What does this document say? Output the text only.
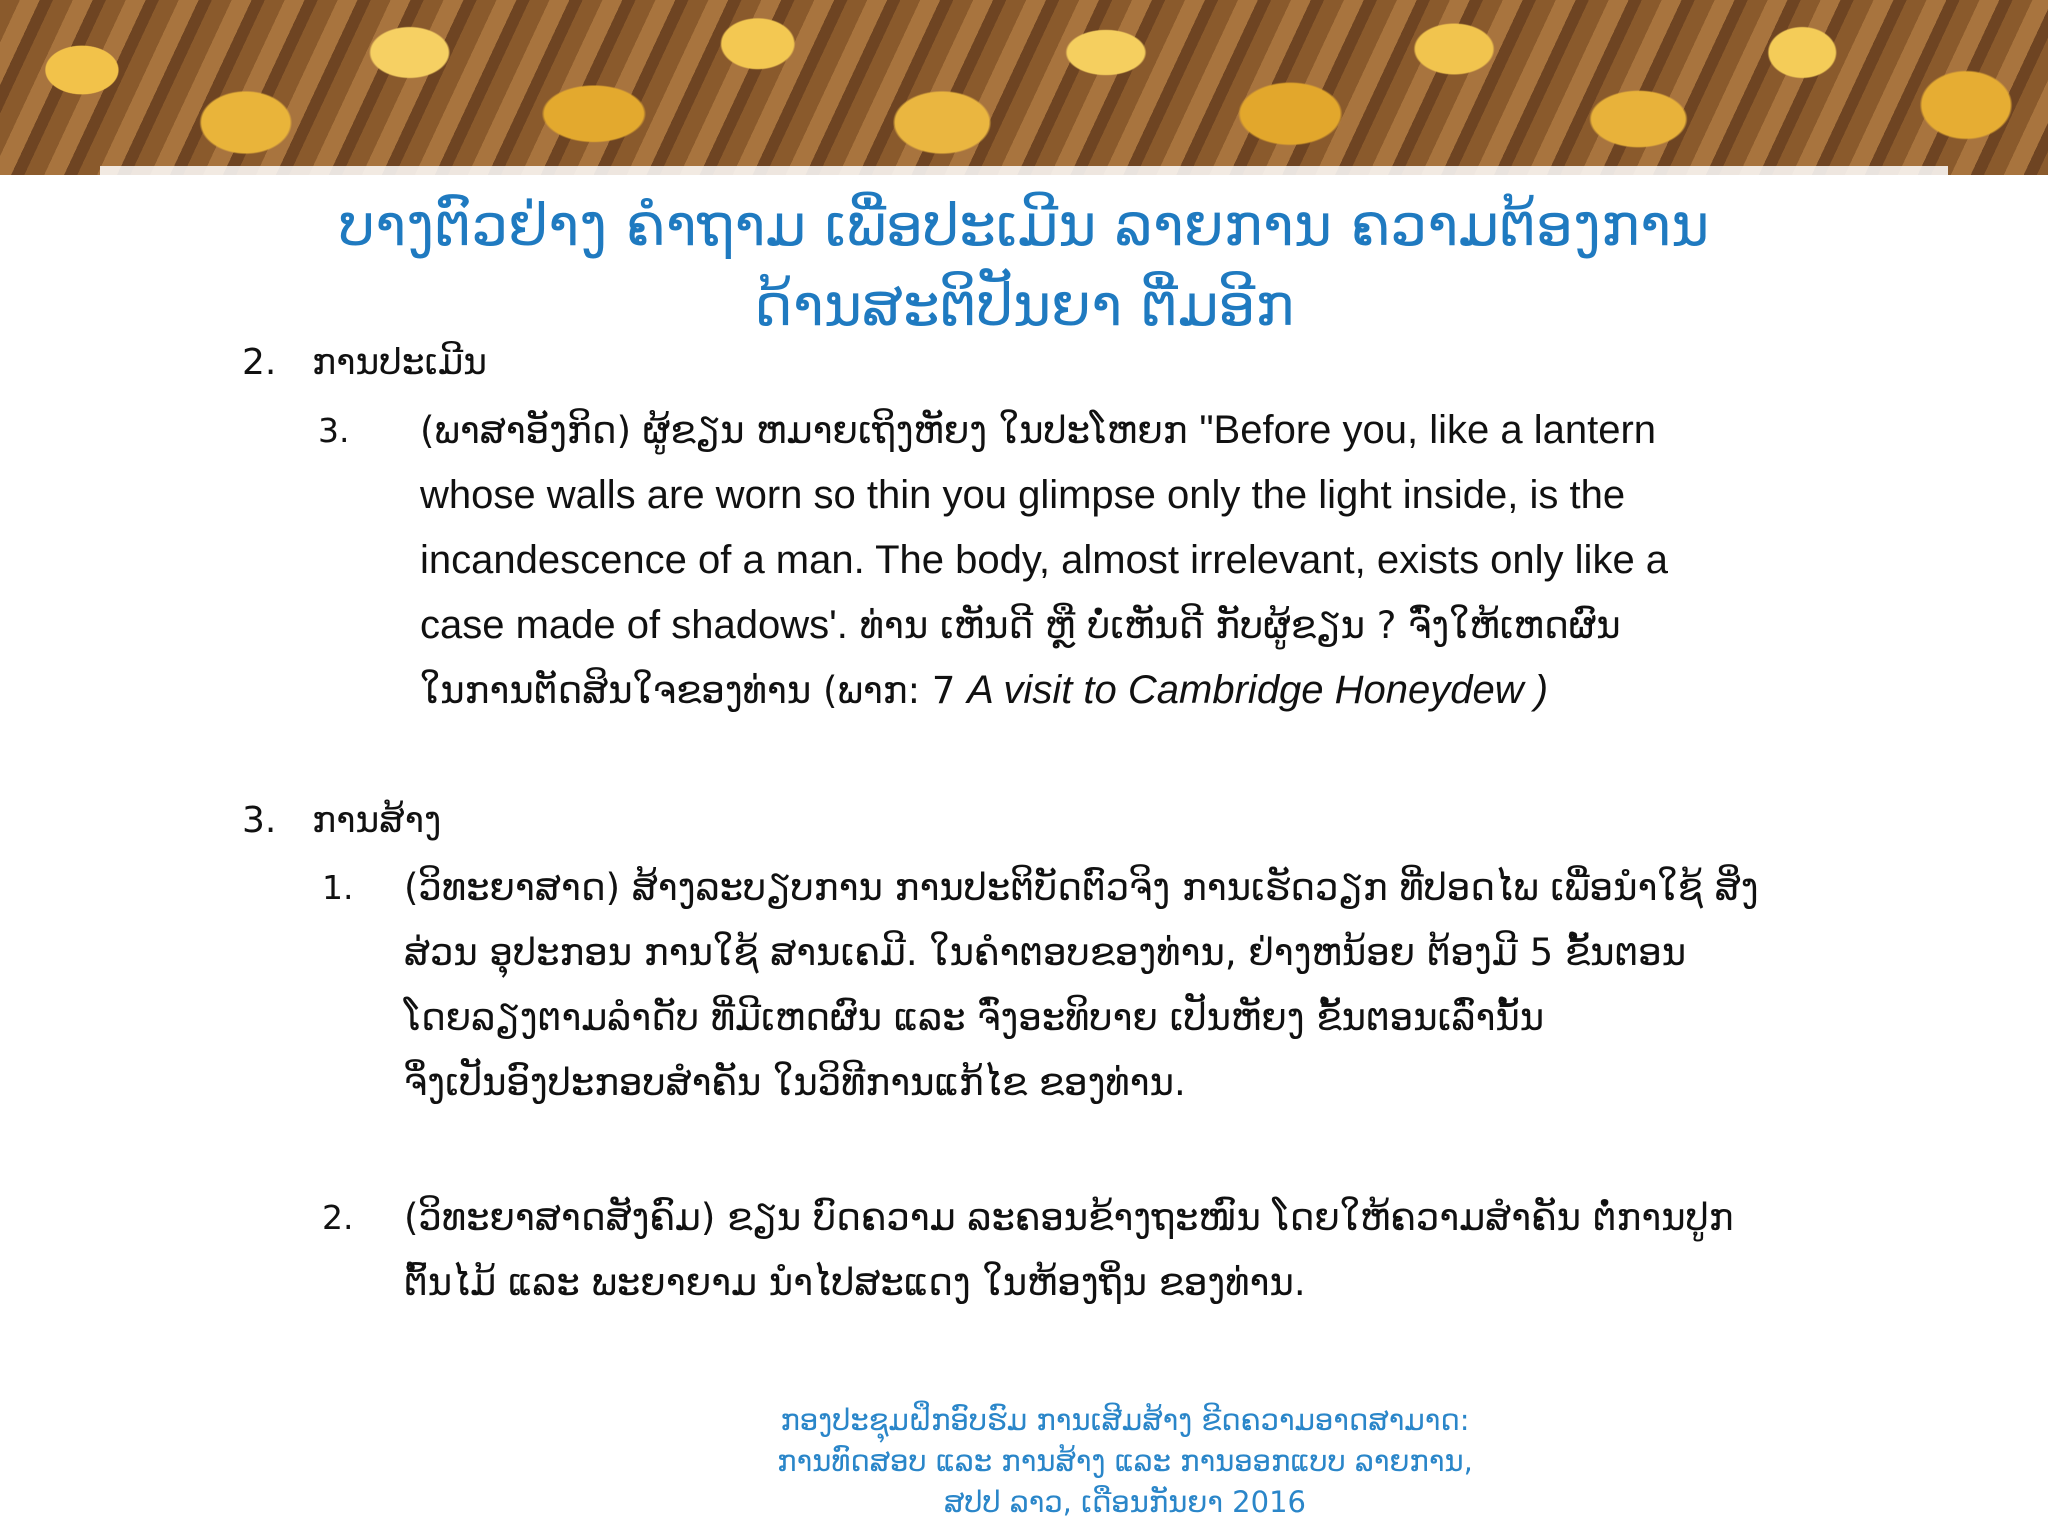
ບາງຕົວຢ່າງ ຄຳຖາມ ເພື່ອປະເມີນ ລາຍການ ຄວາມຕ້ອງການ
ດ້ານສະຕິປັນຍາ ຕື່ມອີກ
2. ການປະເມີນ
3. (ພາສາອັງກິດ) ຜູ້ຂຽນ ຫມາຍເຖິງຫັຍງ ໃນປະໂຫຍກ "Before you, like a lantern
whose walls are worn so thin you glimpse only the light inside, is the
incandescence of a man. The body, almost irrelevant, exists only like a
case made of shadows'. ທ່ານ ເຫັນດີ ຫຼື ບໍ່ເຫັນດີ ກັບຜູ້ຂຽນ ? ຈົ່ງໃຫ້ເຫດຜົນ
ໃນການຕັດສິນໃຈຂອງທ່ານ (ພາກ: 7 A visit to Cambridge Honeydew )
3. ການສ້າງ
1. (ວິທະຍາສາດ) ສ້າງລະບຽບການ ການປະຕິບັດຕົວຈິງ ການເຮັດວຽກ ທີ່ປອດໄພ ເພື່ອນຳໃຊ້ ສິ່ງ
ສ່ວນ ອຸປະກອນ ການໃຊ້ ສານເຄມີ. ໃນຄຳຕອບຂອງທ່ານ, ຢ່າງຫນ້ອຍ ຕ້ອງມີ 5 ຂັ້ນຕອນ
ໂດຍລຽງຕາມລຳດັບ ທີ່ມີເຫດຜົນ ແລະ ຈົ່ງອະທິບາຍ ເປັນຫັຍງ ຂັ້ນຕອນເລົ່ານັ້ນ
ຈຶ່ງເປັນອົງປະກອບສຳຄັນ ໃນວິທີການແກ້ໄຂ ຂອງທ່ານ.
2. (ວິທະຍາສາດສັງຄົມ) ຂຽນ ບົດຄວາມ ລະຄອນຂ້າງຖະໜົນ ໂດຍໃຫ້ຄວາມສຳຄັນ ຕໍ່ການປູກ
ຕົ້ນໄມ້ ແລະ ພະຍາຍາມ ນຳໄປສະແດງ ໃນຫ້ອງຖິ່ນ ຂອງທ່ານ.
ກອງປະຊຸມຝຶກອົບຮົມ ການເສີມສ້າງ ຂີດຄວາມອາດສາມາດ:
ການທົດສອບ ແລະ ການສ້າງ ແລະ ການອອກແບບ ລາຍການ,
ສປປ ລາວ, ເດືອນກັນຍາ 2016
